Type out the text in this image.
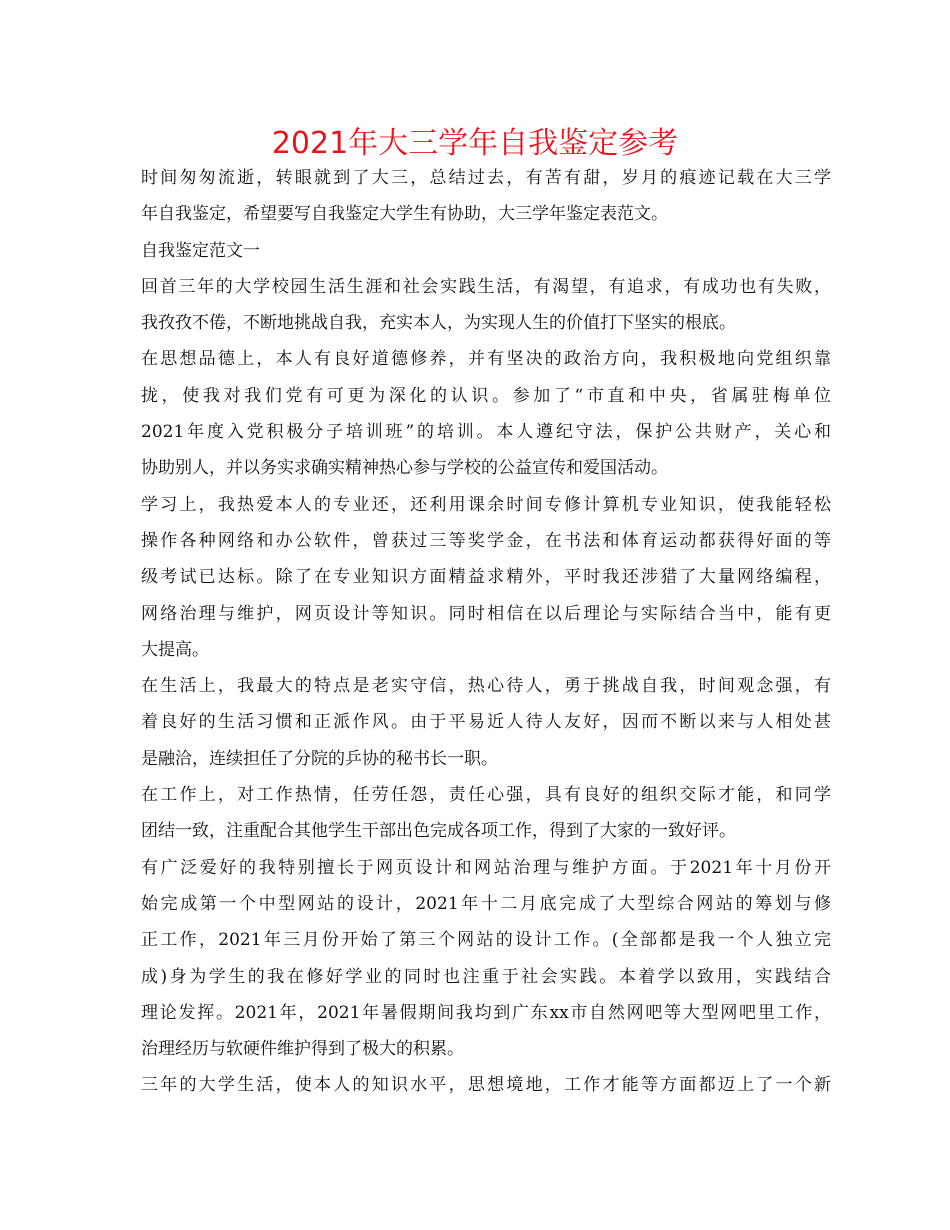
2021年大三学年自我鉴定参考
时间匆匆流逝，转眼就到了大三，总结过去，有苦有甜，岁月的痕迹记载在大三学
年自我鉴定，希望要写自我鉴定大学生有协助，大三学年鉴定表范文。
自我鉴定范文一
回首三年的大学校园生活生涯和社会实践生活，有渴望，有追求，有成功也有失败，
我孜孜不倦，不断地挑战自我，充实本人，为实现人生的价值打下坚实的根底。
在思想品德上，本人有良好道德修养，并有坚决的政治方向，我积极地向党组织靠
拢，使我对我们党有可更为深化的认识。参加了“市直和中央，省属驻梅单位
2021年度入党积极分子培训班”的培训。本人遵纪守法，保护公共财产，关心和
协助别人，并以务实求确实精神热心参与学校的公益宣传和爱国活动。
学习上，我热爱本人的专业还，还利用课余时间专修计算机专业知识，使我能轻松
操作各种网络和办公软件，曾获过三等奖学金，在书法和体育运动都获得好面的等
级考试已达标。除了在专业知识方面精益求精外，平时我还涉猎了大量网络编程，
网络治理与维护，网页设计等知识。同时相信在以后理论与实际结合当中，能有更
大提高。
在生活上，我最大的特点是老实守信，热心待人，勇于挑战自我，时间观念强，有
着良好的生活习惯和正派作风。由于平易近人待人友好，因而不断以来与人相处甚
是融洽，连续担任了分院的乒协的秘书长一职。
在工作上，对工作热情，任劳任怨，责任心强，具有良好的组织交际才能，和同学
团结一致，注重配合其他学生干部出色完成各项工作，得到了大家的一致好评。
有广泛爱好的我特别擅长于网页设计和网站治理与维护方面。于2021年十月份开
始完成第一个中型网站的设计，2021年十二月底完成了大型综合网站的筹划与修
正工作，2021年三月份开始了第三个网站的设计工作。(全部都是我一个人独立完
成)身为学生的我在修好学业的同时也注重于社会实践。本着学以致用，实践结合
理论发挥。2021年，2021年暑假期间我均到广东xx市自然网吧等大型网吧里工作，
治理经历与软硬件维护得到了极大的积累。
三年的大学生活，使本人的知识水平，思想境地，工作才能等方面都迈上了一个新
